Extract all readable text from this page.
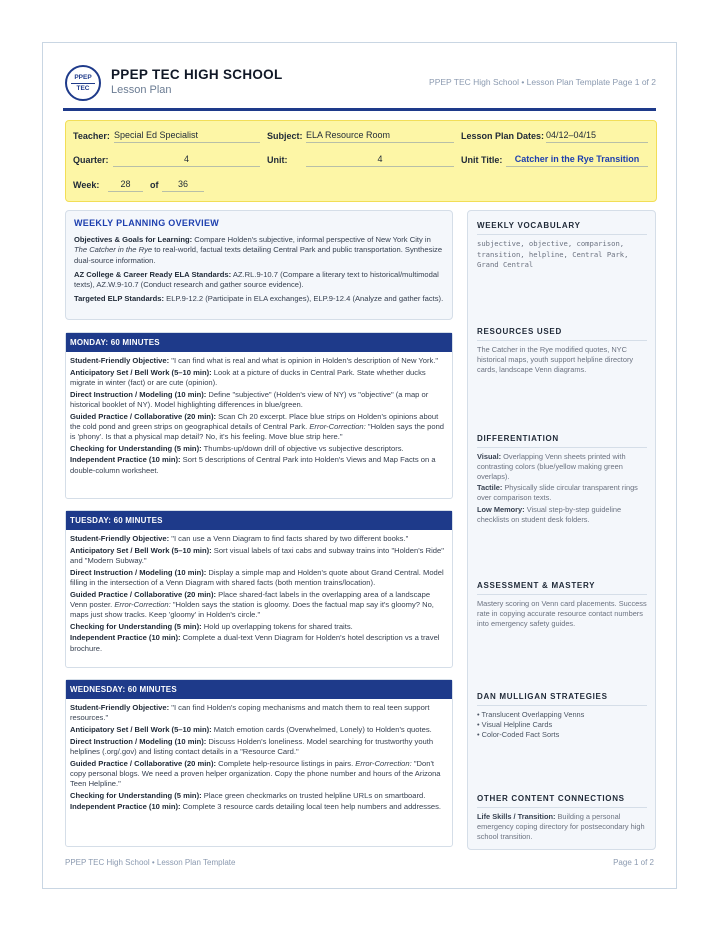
PPEP
TEC
PPEP TEC HIGH SCHOOL
Lesson Plan
PPEP TEC High School • Lesson Plan Template Page 1 of 2
Teacher: Special Ed Specialist	Subject: ELA Resource Room	Lesson Plan Dates: 04/12–04/15
Quarter:	4	Unit:	4	Unit Title:	Catcher in the Rye Transition
Week:	28	of	36
WEEKLY PLANNING OVERVIEW
Objectives & Goals for Learning: Compare Holden's subjective, informal perspective of New York City in The Catcher in the Rye to real-world, factual texts detailing Central Park and public transportation. Synthesize dual-source information.
AZ College & Career Ready ELA Standards: AZ.RL.9-10.7 (Compare a literary text to historical/multimodal texts), AZ.W.9-10.7 (Conduct research and gather source evidence).
Targeted ELP Standards: ELP.9-12.2 (Participate in ELA exchanges), ELP.9-12.4 (Analyze and gather facts).
MONDAY: 60 MINUTES
Student-Friendly Objective: "I can find what is real and what is opinion in Holden's description of New York."
Anticipatory Set / Bell Work (5–10 min): Look at a picture of ducks in Central Park. State whether ducks migrate in winter (fact) or are cute (opinion).
Direct Instruction / Modeling (10 min): Define "subjective" (Holden's view of NY) vs "objective" (a map or historical booklet of NY). Model highlighting differences in blue/green.
Guided Practice / Collaborative (20 min): Scan Ch 20 excerpt. Place blue strips on Holden's opinions about the cold pond and green strips on geographical details of Central Park. Error-Correction: "Holden says the pond is 'phony'. Is that a physical map detail? No, it's his feeling. Move blue strip here."
Checking for Understanding (5 min): Thumbs-up/down drill of objective vs subjective descriptors.
Independent Practice (10 min): Sort 5 descriptions of Central Park into Holden's Views and Map Facts on a double-column worksheet.
TUESDAY: 60 MINUTES
Student-Friendly Objective: "I can use a Venn Diagram to find facts shared by two different books."
Anticipatory Set / Bell Work (5–10 min): Sort visual labels of taxi cabs and subway trains into "Holden's Ride" and "Modern Subway."
Direct Instruction / Modeling (10 min): Display a simple map and Holden's quote about Grand Central. Model filling in the intersection of a Venn Diagram with shared facts (both mention trains/location).
Guided Practice / Collaborative (20 min): Place shared-fact labels in the overlapping area of a landscape Venn poster. Error-Correction: "Holden says the station is gloomy. Does the factual map say it's gloomy? No, maps just show tracks. Keep 'gloomy' in Holden's circle."
Checking for Understanding (5 min): Hold up overlapping tokens for shared traits.
Independent Practice (10 min): Complete a dual-text Venn Diagram for Holden's hotel description vs a travel brochure.
WEDNESDAY: 60 MINUTES
Student-Friendly Objective: "I can find Holden's coping mechanisms and match them to real teen support resources."
Anticipatory Set / Bell Work (5–10 min): Match emotion cards (Overwhelmed, Lonely) to Holden's quotes.
Direct Instruction / Modeling (10 min): Discuss Holden's loneliness. Model searching for trustworthy youth helplines (.org/.gov) and listing contact details in a "Resource Card."
Guided Practice / Collaborative (20 min): Complete help-resource listings in pairs. Error-Correction: "Don't copy personal blogs. We need a proven helper organization. Copy the phone number and hours of the Arizona Teen Helpline."
Checking for Understanding (5 min): Place green checkmarks on trusted helpline URLs on smartboard.
Independent Practice (10 min): Complete 3 resource cards detailing local teen help numbers and addresses.
WEEKLY VOCABULARY
subjective, objective, comparison, transition, helpline, Central Park, Grand Central
RESOURCES USED
The Catcher in the Rye modified quotes, NYC historical maps, youth support helpline directory cards, landscape Venn diagrams.
DIFFERENTIATION
Visual: Overlapping Venn sheets printed with contrasting colors (blue/yellow making green overlaps).
Tactile: Physically slide circular transparent rings over comparison texts.
Low Memory: Visual step-by-step guideline checklists on student desk folders.
ASSESSMENT & MASTERY
Mastery scoring on Venn card placements. Success rate in copying accurate resource contact numbers into emergency safety guides.
DAN MULLIGAN STRATEGIES
• Translucent Overlapping Venns
• Visual Helpline Cards
• Color-Coded Fact Sorts
OTHER CONTENT CONNECTIONS
Life Skills / Transition: Building a personal emergency coping directory for postsecondary high school transition.
PPEP TEC High School • Lesson Plan Template	Page 1 of 2
